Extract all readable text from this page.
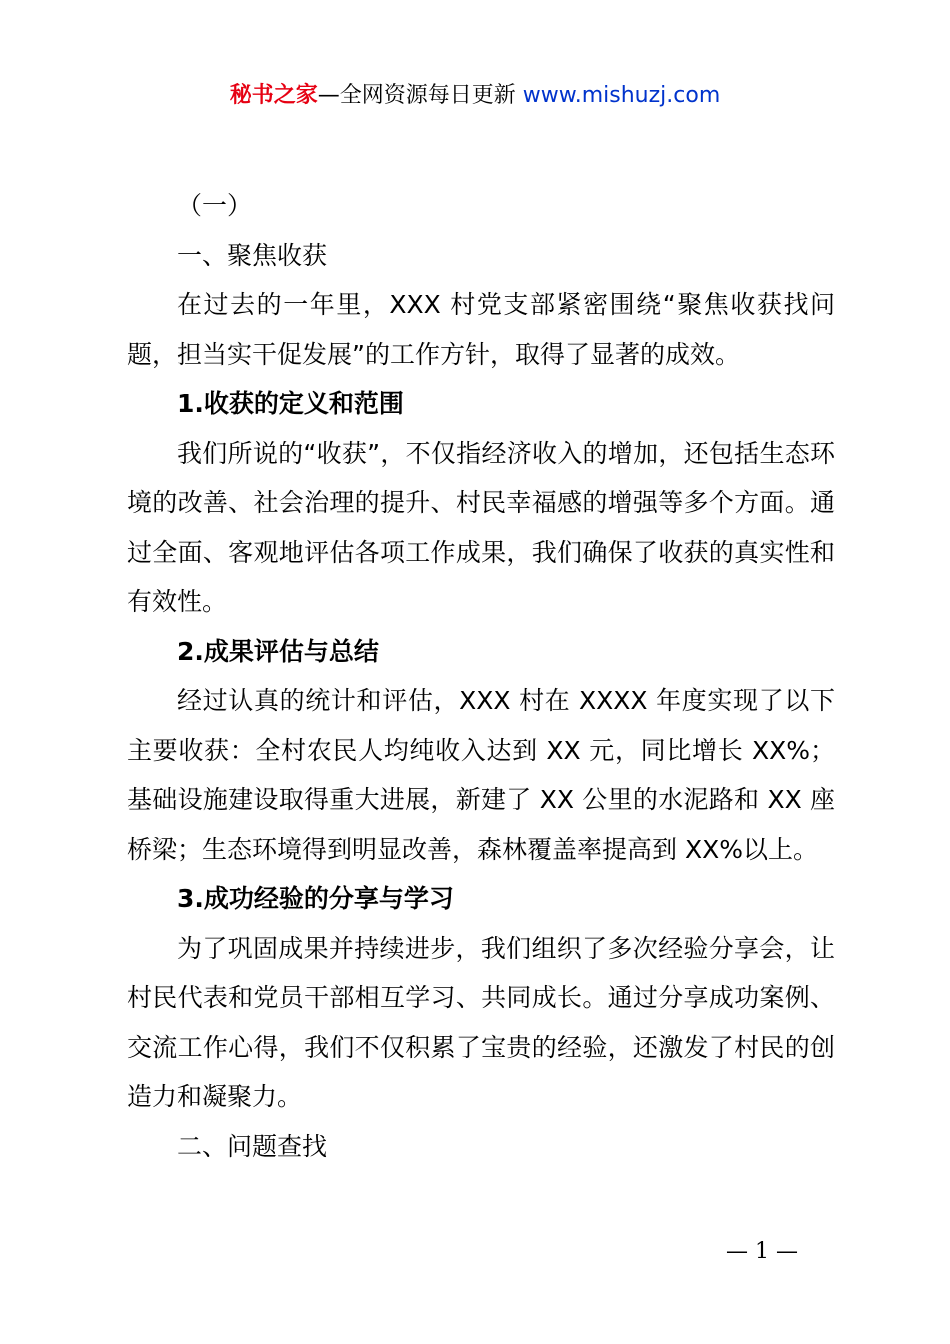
秘书之家—全网资源每日更新 www.mishuzj.com

（一）

一、聚焦收获

在过去的一年里，XXX 村党支部紧密围绕“聚焦收获找问题，担当实干促发展”的工作方针，取得了显著的成效。

1.收获的定义和范围

我们所说的“收获”，不仅指经济收入的增加，还包括生态环境的改善、社会治理的提升、村民幸福感的增强等多个方面。通过全面、客观地评估各项工作成果，我们确保了收获的真实性和有效性。

2.成果评估与总结

经过认真的统计和评估，XXX 村在 XXXX 年度实现了以下主要收获：全村农民人均纯收入达到 XX 元，同比增长 XX%；基础设施建设取得重大进展，新建了 XX 公里的水泥路和 XX 座桥梁；生态环境得到明显改善，森林覆盖率提高到 XX%以上。

3.成功经验的分享与学习

为了巩固成果并持续进步，我们组织了多次经验分享会，让村民代表和党员干部相互学习、共同成长。通过分享成功案例、交流工作心得，我们不仅积累了宝贵的经验，还激发了村民的创造力和凝聚力。

二、问题查找

— 1 —
